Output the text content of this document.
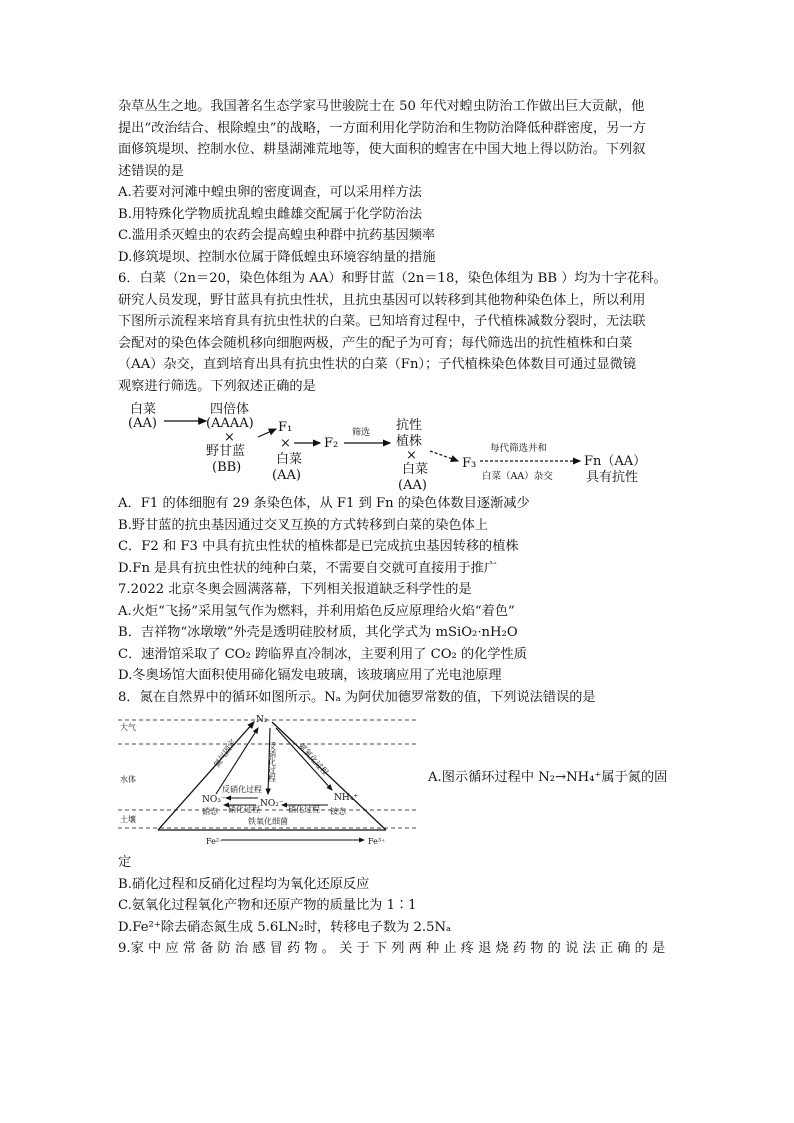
杂草丛生之地。我国著名生态学家马世骏院士在 50 年代对蝗虫防治工作做出巨大贡献，他

提出“改治结合、根除蝗虫”的战略，一方面利用化学防治和生物防治降低种群密度，另一方

面修筑堤坝、控制水位、耕垦湖滩荒地等，使大面积的蝗害在中国大地上得以防治。下列叙

述错误的是

A.若要对河滩中蝗虫卵的密度调查，可以采用样方法

B.用特殊化学物质扰乱蝗虫雌雄交配属于化学防治法

C.滥用杀灭蝗虫的农药会提高蝗虫种群中抗药基因频率

D.修筑堤坝、控制水位属于降低蝗虫环境容纳量的措施

6．白菜（2n＝20，染色体组为 AA）和野甘蓝（2n＝18，染色体组为 BB ）均为十字花科。

研究人员发现，野甘蓝具有抗虫性状，且抗虫基因可以转移到其他物种染色体上，所以利用

下图所示流程来培育具有抗虫性状的白菜。已知培育过程中，子代植株减数分裂时，无法联

会配对的染色体会随机移向细胞两极，产生的配子为可育；每代筛选出的抗性植株和白菜

（AA）杂交，直到培育出具有抗虫性状的白菜（Fn）；子代植株染色体数目可通过显微镜

观察进行筛选。下列叙述正确的是

白菜
(AA)
四倍体
(AAAA)
×
野甘蓝
(BB)
F₁
×	F₂
白菜
(AA)
筛选 抗性
植株
×
白菜
(AA)
F₃
每代筛选并和
白菜（AA）杂交
Fn（AA）
具有抗性

A．F1 的体细胞有 29 条染色体，从 F1 到 Fn 的染色体数目逐渐减少

B.野甘蓝的抗虫基因通过交叉互换的方式转移到白菜的染色体上

C．F2 和 F3 中具有抗虫性状的植株都是已完成抗虫基因转移的植株

D.Fn 是具有抗虫性状的纯种白菜，不需要自交就可直接用于推广

7.2022 北京冬奥会圆满落幕，下列相关报道缺乏科学性的是

A.火炬“飞扬”采用氢气作为燃料，并利用焰色反应原理给火焰“着色”

B．吉祥物“冰墩墩”外壳是透明硅胶材质，其化学式为 mSiO₂·nH₂O

C．速滑馆采取了 CO₂ 跨临界直冷制冰，主要利用了 CO₂ 的化学性质

D.冬奥场馆大面积使用碲化镉发电玻璃，该玻璃应用了光电池原理

8．氮在自然界中的循环如图所示。Nₐ 为阿伏加德罗常数的值，下列说法错误的是

大气
水体
土壤
N₂
氮气固定	反硝化过程	氨氧化过程
NO₃⁻
硝态
NO₂⁻
NH₄⁺
铵态
反硝化过程
硝化过程	硝化过程
Fe²⁺
铁氧化细菌
Fe³⁺
A.图示循环过程中 N₂→NH₄⁺属于氮的固

定

B.硝化过程和反硝化过程均为氧化还原反应

C.氨氧化过程氧化产物和还原产物的质量比为 1∶1

D.Fe²⁺除去硝态氮生成 5.6LN₂时，转移电子数为 2.5Nₐ

9.家 中 应 常 备 防 治 感 冒 药 物 。 关 于 下 列 两 种 止 疼 退 烧 药 物 的 说 法 正 确 的 是
